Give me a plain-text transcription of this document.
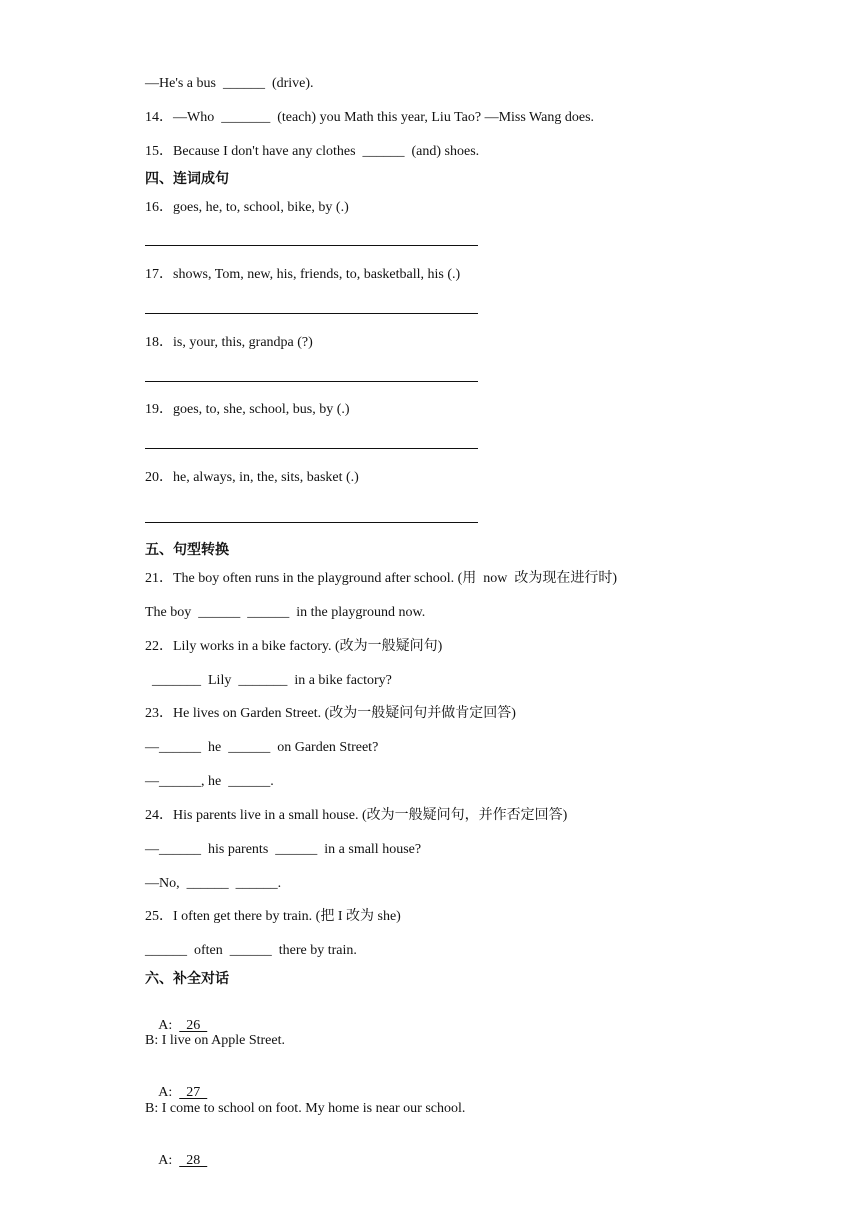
—He's a bus  ______  (drive).
14．—Who  _______  (teach) you Math this year, Liu Tao? —Miss Wang does.
15．Because I don't have any clothes  ______  (and) shoes.
四、连词成句
16．goes, he, to, school, bike, by (.)
17．shows, Tom, new, his, friends, to, basketball, his (.)
18．is, your, this, grandpa (?)
19．goes, to, she, school, bus, by (.)
20．he, always, in, the, sits, basket (.)
五、句型转换
21．The boy often runs in the playground after school. (用  now  改为现在进行时)
The boy  ______  ______  in the playground now.
22．Lily works in a bike factory. (改为一般疑问句)
_______  Lily  _______  in a bike factory?
23．He lives on Garden Street. (改为一般疑问句并做肯定回答)
—______  he  ______  on Garden Street?
—______, he  ______.
24．His parents live in a small house. (改为一般疑问句，并作否定回答)
—______  his parents  ______  in a small house?
—No,  ______  ______.
25．I often get there by train. (把 I 改为 she)
______  often  ______  there by train.
六、补全对话

A:    26

B: I live on Apple Street.

A:    27

B: I come to school on foot. My home is near our school.

A:    28
